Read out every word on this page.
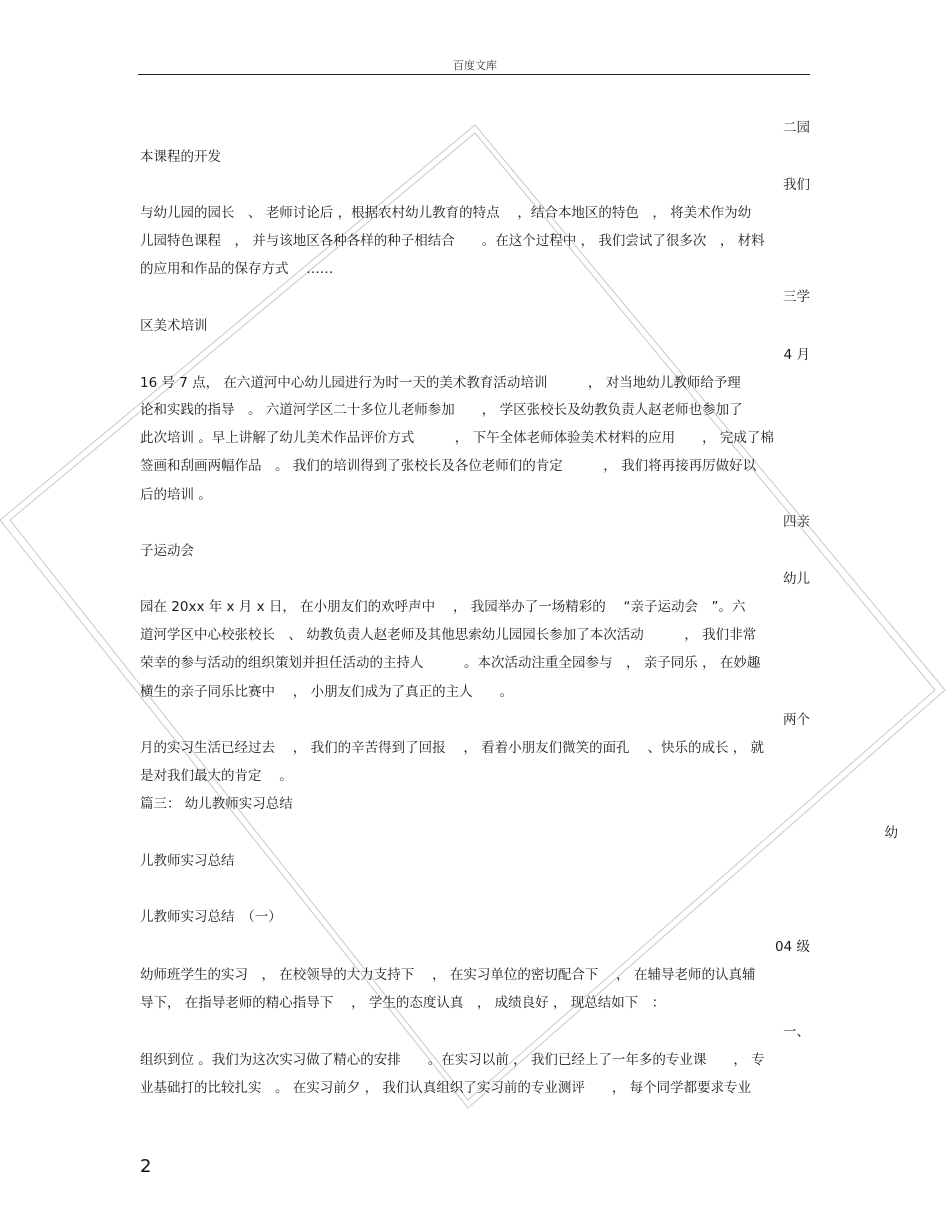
百度文库
二园
本课程的开发
我们
与幼儿园的园长　、 老师讨论后 ，根据农村幼儿教育的特点　 ，结合本地区的特色　， 将美术作为幼
儿园特色课程　， 并与该地区各种各样的种子相结合　　。在这个过程中 ， 我们尝试了很多次　， 材料
的应用和作品的保存方式　 ……
三学
区美术培训
4 月
16 号 7 点， 在六道河中心幼儿园进行为时一天的美术教育活动培训　　　， 对当地幼儿教师给予理
论和实践的指导　。 六道河学区二十多位儿老师参加　　， 学区张校长及幼教负责人赵老师也参加了
此次培训 。早上讲解了幼儿美术作品评价方式　　　， 下午全体老师体验美术材料的应用　　， 完成了棉
签画和刮画两幅作品　。 我们的培训得到了张校长及各位老师们的肯定　　　， 我们将再接再厉做好以
后的培训 。
四亲
子运动会
幼儿
园在 20xx 年 x 月 x 日， 在小朋友们的欢呼声中　 ， 我园举办了一场精彩的　 “亲子运动会　”。六
道河学区中心校张校长　、 幼教负责人赵老师及其他思索幼儿园园长参加了本次活动　　　， 我们非常
荣幸的参与活动的组织策划并担任活动的主持人　　　。本次活动注重全园参与　， 亲子同乐 ， 在妙趣
横生的亲子同乐比赛中　 ， 小朋友们成为了真正的主人　　。
两个
月的实习生活已经过去　 ， 我们的辛苦得到了回报　 ， 看着小朋友们微笑的面孔　 、快乐的成长 ， 就
是对我们最大的肯定　 。
篇三： 幼儿教师实习总结
幼
儿教师实习总结
儿教师实习总结　（一）
04 级
幼师班学生的实习　， 在校领导的大力支持下　 ， 在实习单位的密切配合下　 ， 在辅导老师的认真辅
导下， 在指导老师的精心指导下　 ， 学生的态度认真　， 成绩良好 ， 现总结如下　：
一、
组织到位 。我们为这次实习做了精心的安排　　。在实习以前 ， 我们已经上了一年多的专业课　　， 专
业基础打的比较扎实　。 在实习前夕 ， 我们认真组织了实习前的专业测评　　， 每个同学都要求专业
2
